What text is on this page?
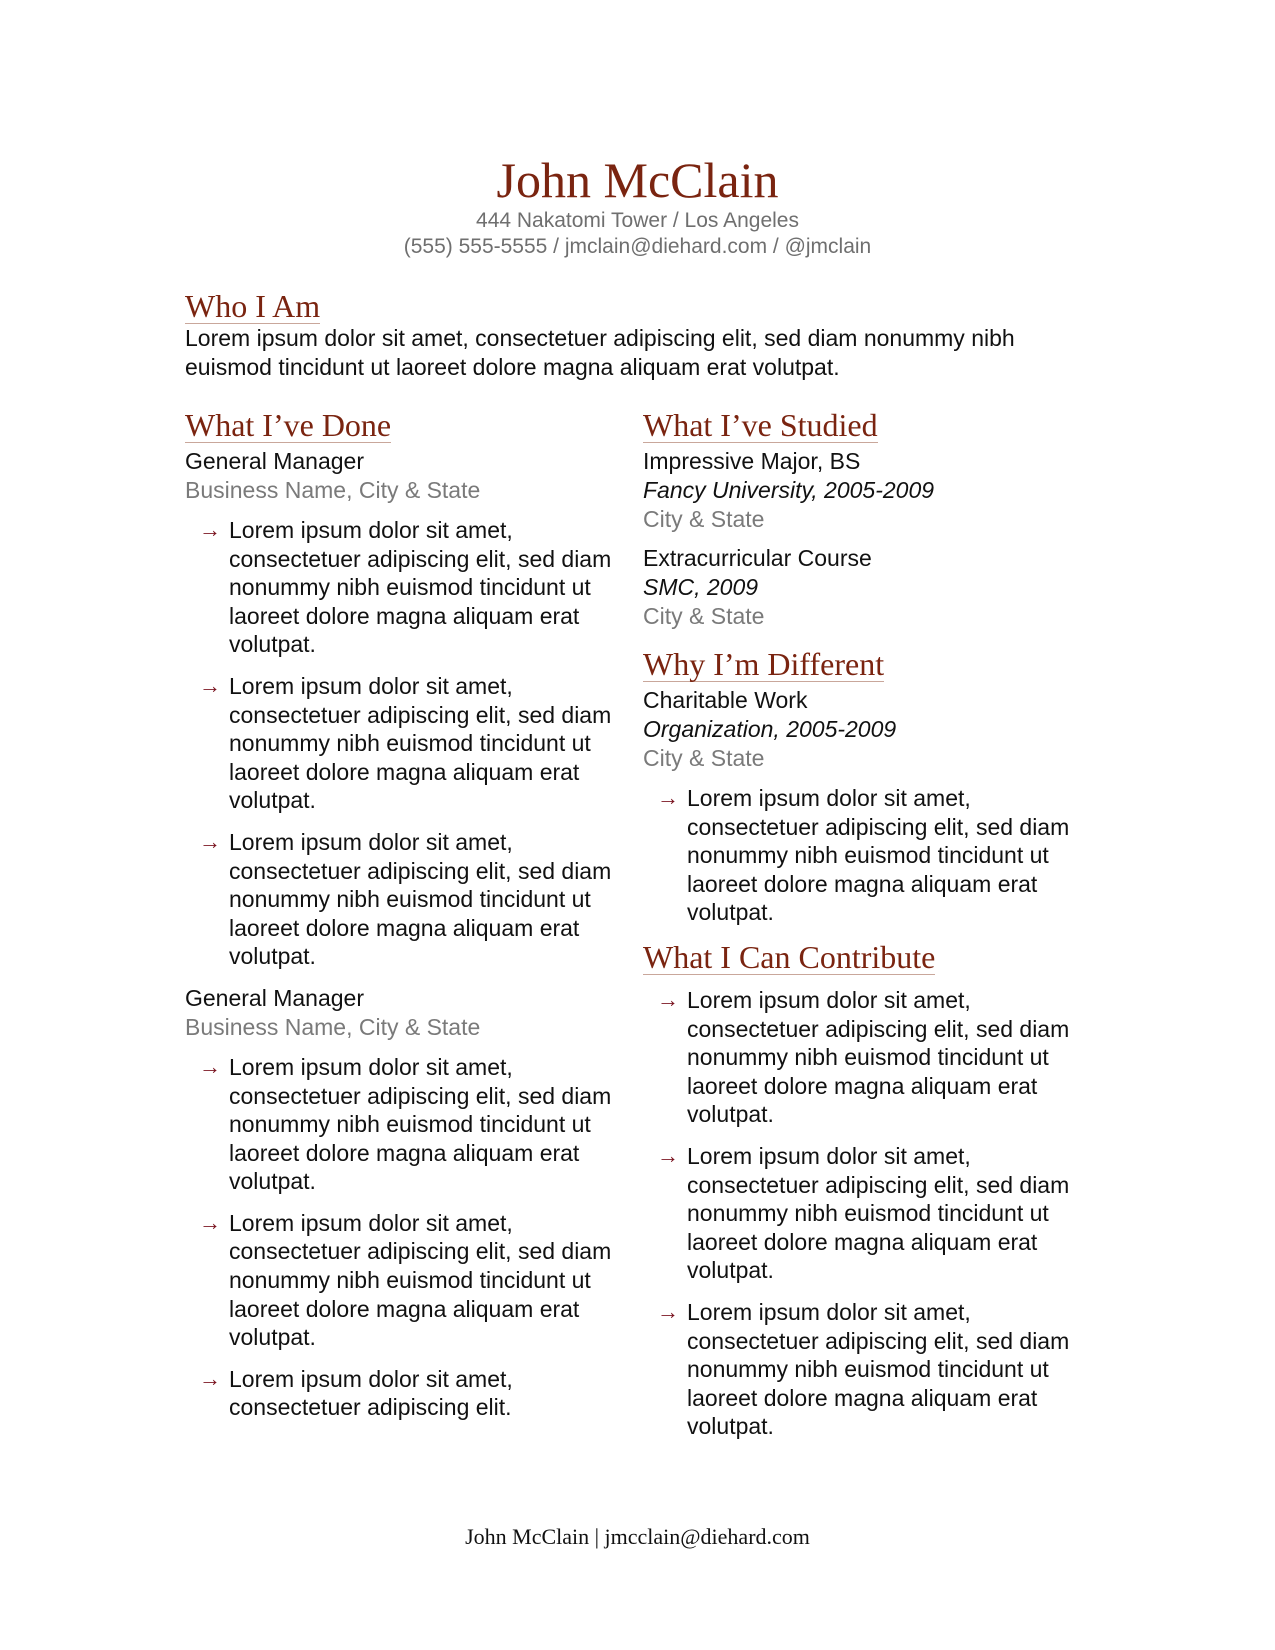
John McClain
444 Nakatomi Tower / Los Angeles
(555) 555-5555 / jmclain@diehard.com / @jmclain
Who I Am
Lorem ipsum dolor sit amet, consectetuer adipiscing elit, sed diam nonummy nibh euismod tincidunt ut laoreet dolore magna aliquam erat volutpat.
What I’ve Done
General Manager
Business Name, City & State
→ Lorem ipsum dolor sit amet, consectetuer adipiscing elit, sed diam nonummy nibh euismod tincidunt ut laoreet dolore magna aliquam erat volutpat.
→ Lorem ipsum dolor sit amet, consectetuer adipiscing elit, sed diam nonummy nibh euismod tincidunt ut laoreet dolore magna aliquam erat volutpat.
→ Lorem ipsum dolor sit amet, consectetuer adipiscing elit, sed diam nonummy nibh euismod tincidunt ut laoreet dolore magna aliquam erat volutpat.
General Manager
Business Name, City & State
→ Lorem ipsum dolor sit amet, consectetuer adipiscing elit, sed diam nonummy nibh euismod tincidunt ut laoreet dolore magna aliquam erat volutpat.
→ Lorem ipsum dolor sit amet, consectetuer adipiscing elit, sed diam nonummy nibh euismod tincidunt ut laoreet dolore magna aliquam erat volutpat.
→ Lorem ipsum dolor sit amet, consectetuer adipiscing elit.
What I’ve Studied
Impressive Major, BS
Fancy University, 2005-2009
City & State
Extracurricular Course
SMC, 2009
City & State
Why I’m Different
Charitable Work
Organization, 2005-2009
City & State
→ Lorem ipsum dolor sit amet, consectetuer adipiscing elit, sed diam nonummy nibh euismod tincidunt ut laoreet dolore magna aliquam erat volutpat.
What I Can Contribute
→ Lorem ipsum dolor sit amet, consectetuer adipiscing elit, sed diam nonummy nibh euismod tincidunt ut laoreet dolore magna aliquam erat volutpat.
→ Lorem ipsum dolor sit amet, consectetuer adipiscing elit, sed diam nonummy nibh euismod tincidunt ut laoreet dolore magna aliquam erat volutpat.
→ Lorem ipsum dolor sit amet, consectetuer adipiscing elit, sed diam nonummy nibh euismod tincidunt ut laoreet dolore magna aliquam erat volutpat.
John McClain | jmcclain@diehard.com
